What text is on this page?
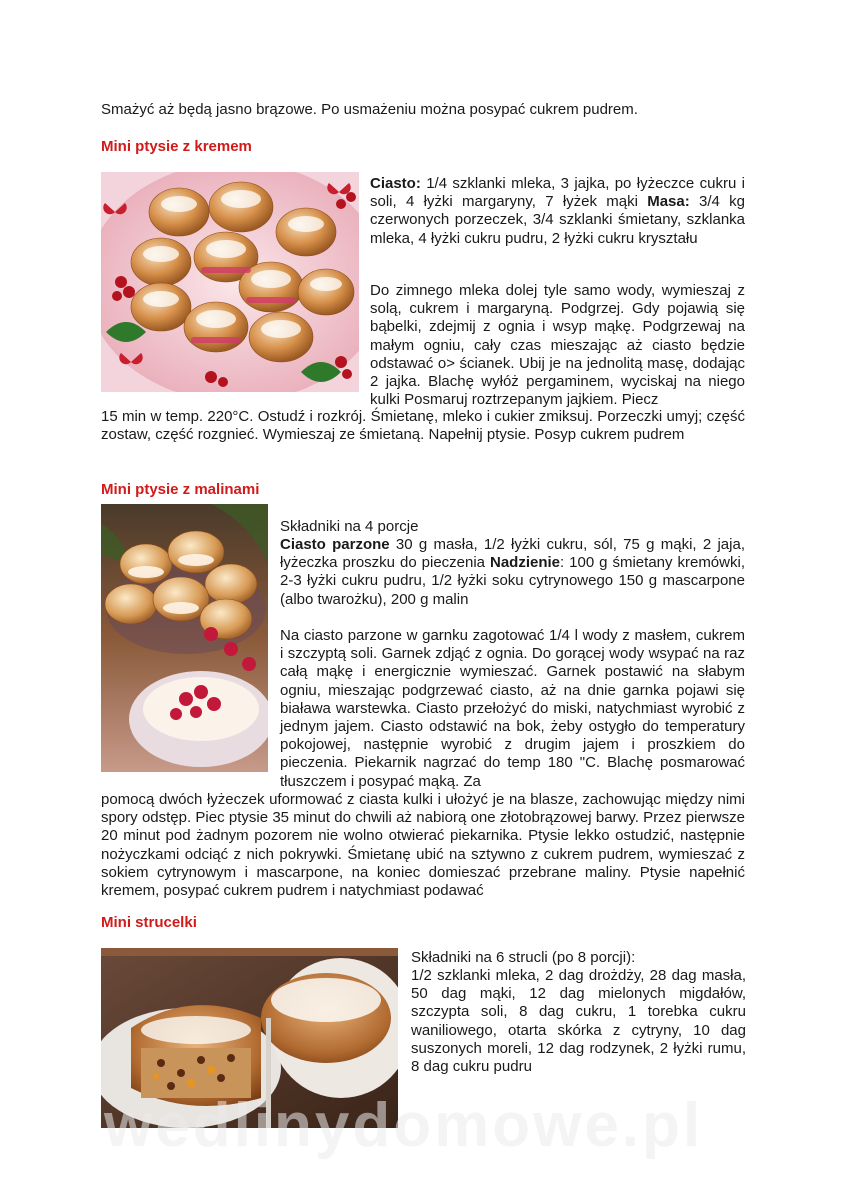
Smażyć aż będą jasno brązowe. Po usmażeniu można posypać cukrem pudrem.

Mini ptysie z kremem

Ciasto: 1/4 szklanki mleka, 3 jajka, po łyżeczce cukru i soli, 4 łyżki margaryny, 7 łyżek mąki Masa: 3/4 kg czerwonych porzeczek, 3/4 szklanki śmietany, szklanka mleka, 4 łyżki cukru pudru, 2 łyżki cukru kryształu

Do zimnego mleka dolej tyle samo wody, wymieszaj z solą, cukrem i margaryną. Podgrzej. Gdy pojawią się bąbelki, zdejmij z ognia i wsyp mąkę. Podgrzewaj na małym ogniu, cały czas mieszając aż ciasto będzie odstawać o> ścianek. Ubij je na jednolitą masę, dodając 2 jajka. Blachę wyłóż pergaminem, wyciskaj na niego kulki Posmaruj roztrzepanym jajkiem. Piecz

15 min w temp. 220°C. Ostudź i rozkrój. Śmietanę, mleko i cukier zmiksuj. Porzeczki umyj; część zostaw, część rozgnieć. Wymieszaj ze śmietaną. Napełnij ptysie. Posyp cukrem pudrem

Mini ptysie z malinami

Składniki na 4 porcje

Ciasto parzone 30 g masła, 1/2 łyżki cukru, sól, 75 g mąki, 2 jaja, łyżeczka proszku do pieczenia Nadzienie: 100 g śmietany kremówki, 2-3 łyżki cukru pudru, 1/2 łyżki soku cytrynowego 150 g mascarpone (albo twarożku), 200 g malin

Na ciasto parzone w garnku zagotować 1/4 l wody z masłem, cukrem i szczyptą soli. Garnek zdjąć z ognia. Do gorącej wody wsypać na raz całą mąkę i energicznie wymieszać. Garnek postawić na słabym ogniu, mieszając podgrzewać ciasto, aż na dnie garnka pojawi się biaława warstewka. Ciasto przełożyć do miski, natychmiast wyrobić z jednym jajem. Ciasto odstawić na bok, żeby ostygło do temperatury pokojowej, następnie wyrobić z drugim jajem i proszkiem do pieczenia. Piekarnik nagrzać do temp 180 "C. Blachę posmarować tłuszczem i posypać mąką. Za

pomocą dwóch łyżeczek uformować z ciasta kulki i ułożyć je na blasze, zachowując między nimi spory odstęp. Piec ptysie 35 minut do chwili aż nabiorą one złotobrązowej barwy. Przez pierwsze 20 minut pod żadnym pozorem nie wolno otwierać piekarnika. Ptysie lekko ostudzić, następnie nożyczkami odciąć z nich pokrywki. Śmietanę ubić na sztywno z cukrem pudrem, wymieszać z sokiem cytrynowym i mascarpone, na koniec domieszać przebrane maliny. Ptysie napełnić kremem, posypać cukrem pudrem i natychmiast podawać

Mini strucelki

Składniki na 6 strucli (po 8 porcji):

1/2 szklanki mleka, 2 dag drożdży, 28 dag masła, 50 dag mąki, 12 dag mielonych migdałów, szczypta soli, 8 dag cukru, 1 torebka cukru waniliowego, otarta skórka z cytryny, 10 dag suszonych moreli, 12 dag rodzynek, 2 łyżki rumu, 8 dag cukru pudru

wedlinydomowe.pl
